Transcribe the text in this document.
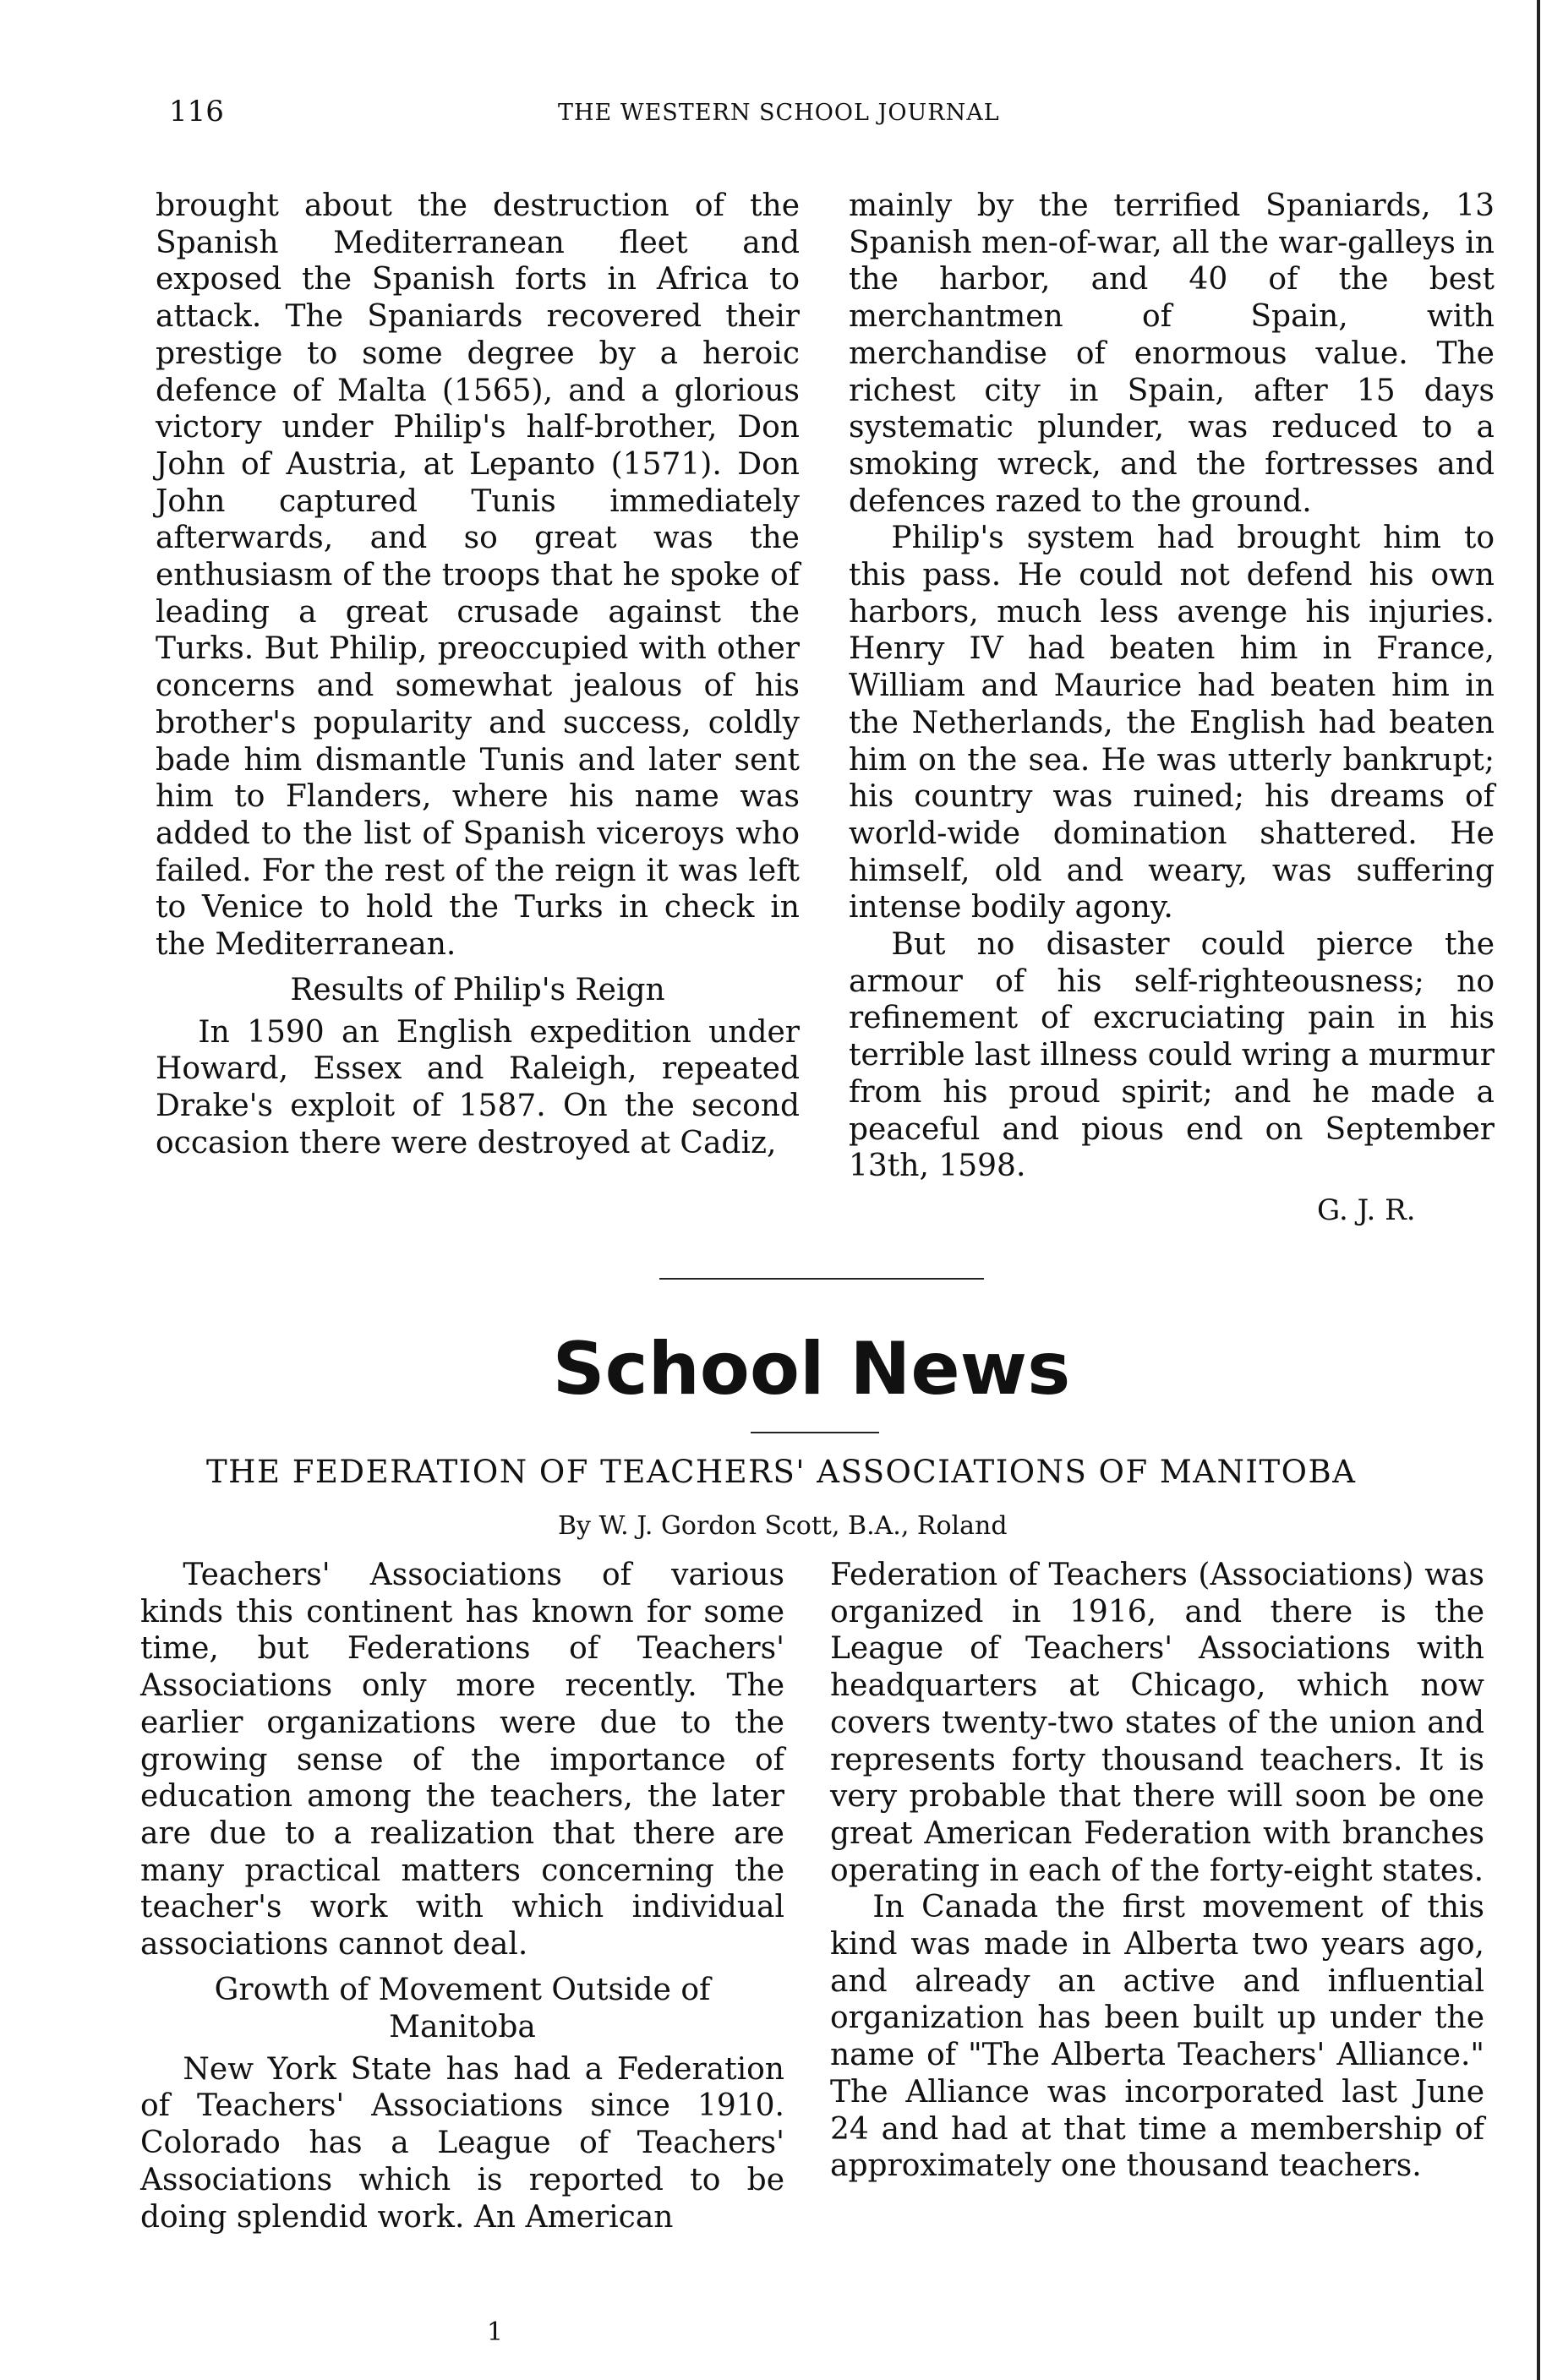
116	THE WESTERN SCHOOL JOURNAL

brought about the destruction of the Spanish Mediterranean fleet and exposed the Spanish forts in Africa to attack. The Spaniards recovered their prestige to some degree by a heroic defence of Malta (1565), and a glorious victory under Philip's half-brother, Don John of Austria, at Lepanto (1571). Don John captured Tunis immediately afterwards, and so great was the enthusiasm of the troops that he spoke of leading a great crusade against the Turks. But Philip, preoccupied with other concerns and somewhat jealous of his brother's popularity and success, coldly bade him dismantle Tunis and later sent him to Flanders, where his name was added to the list of Spanish viceroys who failed. For the rest of the reign it was left to Venice to hold the Turks in check in the Mediterranean.

Results of Philip's Reign

In 1590 an English expedition under Howard, Essex and Raleigh, repeated Drake's exploit of 1587. On the second occasion there were destroyed at Cadiz,

mainly by the terrified Spaniards, 13 Spanish men-of-war, all the war-galleys in the harbor, and 40 of the best merchantmen of Spain, with merchandise of enormous value. The richest city in Spain, after 15 days systematic plunder, was reduced to a smoking wreck, and the fortresses and defences razed to the ground.

Philip's system had brought him to this pass. He could not defend his own harbors, much less avenge his injuries. Henry IV had beaten him in France, William and Maurice had beaten him in the Netherlands, the English had beaten him on the sea. He was utterly bankrupt; his country was ruined; his dreams of world-wide domination shattered. He himself, old and weary, was suffering intense bodily agony.

But no disaster could pierce the armour of his self-righteousness; no refinement of excruciating pain in his terrible last illness could wring a murmur from his proud spirit; and he made a peaceful and pious end on September 13th, 1598.

G. J. R.
School News
THE FEDERATION OF TEACHERS' ASSOCIATIONS OF MANITOBA
By W. J. Gordon Scott, B.A., Roland

Teachers' Associations of various kinds this continent has known for some time, but Federations of Teachers' Associations only more recently. The earlier organizations were due to the growing sense of the importance of education among the teachers, the later are due to a realization that there are many practical matters concerning the teacher's work with which individual associations cannot deal.

Growth of Movement Outside of Manitoba

New York State has had a Federation of Teachers' Associations since 1910. Colorado has a League of Teachers' Associations which is reported to be doing splendid work. An American

Federation of Teachers (Associations) was organized in 1916, and there is the League of Teachers' Associations with headquarters at Chicago, which now covers twenty-two states of the union and represents forty thousand teachers. It is very probable that there will soon be one great American Federation with branches operating in each of the forty-eight states.

In Canada the first movement of this kind was made in Alberta two years ago, and already an active and influential organization has been built up under the name of "The Alberta Teachers' Alliance." The Alliance was incorporated last June 24 and had at that time a membership of approximately one thousand teachers.

1
